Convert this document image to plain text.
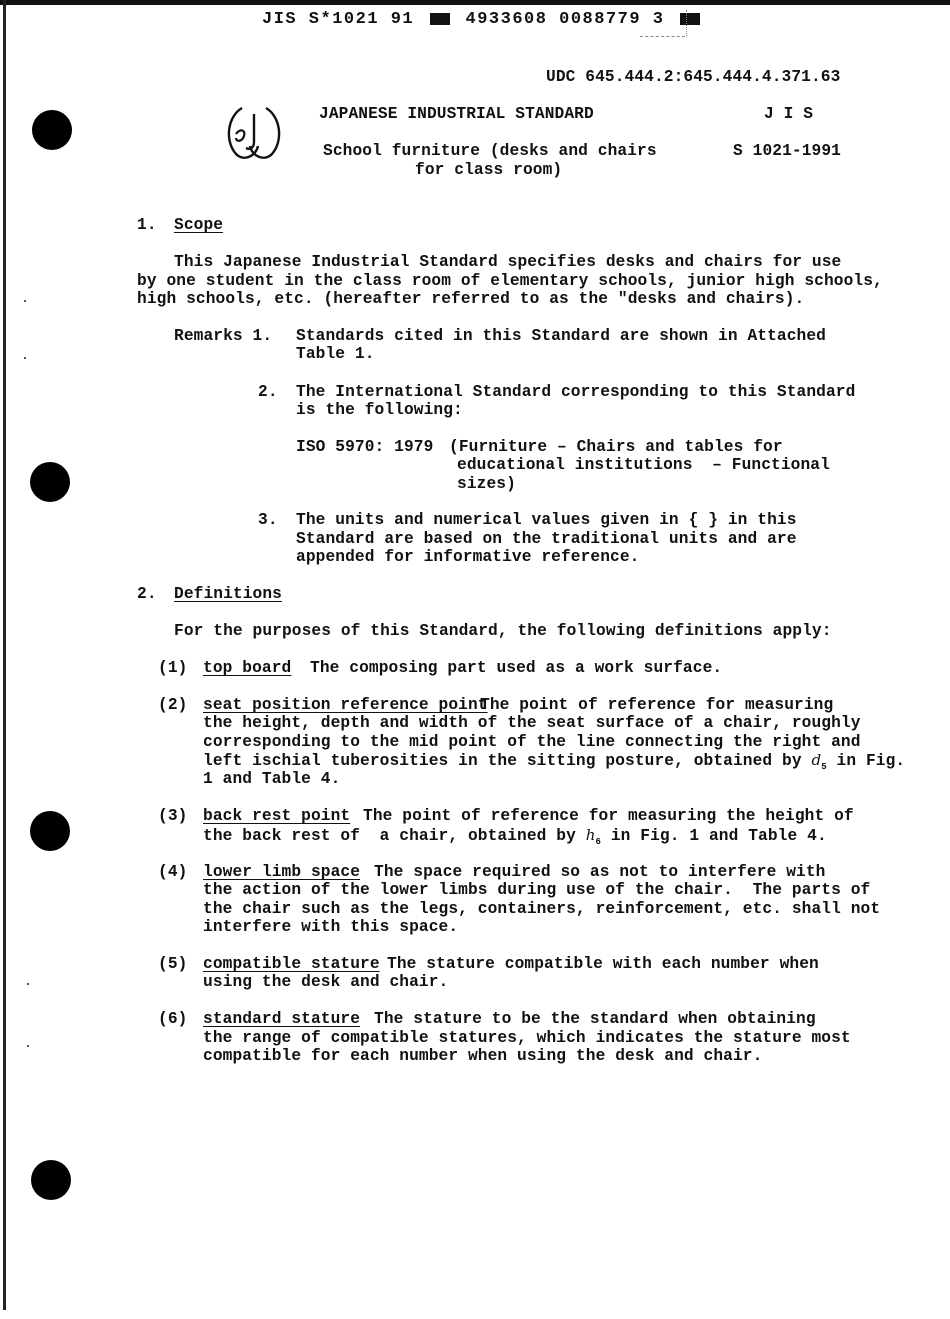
JIS S*1021 91	4933608 0088779 3
UDC 645.444.2:645.444.4.371.63
JAPANESE INDUSTRIAL STANDARD	J I S
School furniture (desks and chairs
for class room)
S 1021-1991
1. Scope
This Japanese Industrial Standard specifies desks and chairs for use
by one student in the class room of elementary schools, junior high schools,
high schools, etc. (hereafter referred to as the "desks and chairs).
Remarks 1. Standards cited in this Standard are shown in Attached
Table 1.
2. The International Standard corresponding to this Standard
is the following:
ISO 5970: 1979 (Furniture – Chairs and tables for
educational institutions  – Functional
sizes)
3. The units and numerical values given in { } in this
Standard are based on the traditional units and are
appended for informative reference.
2. Definitions
For the purposes of this Standard, the following definitions apply:
(1) top board The composing part used as a work surface.
(2) seat position reference point
The point of reference for measuring
the height, depth and width of the seat surface of a chair, roughly
corresponding to the mid point of the line connecting the right and
left ischial tuberosities in the sitting posture, obtained by $d_5$ in Fig.
1 and Table 4.
(3) back rest point The point of reference for measuring the height of
the back rest of  a chair, obtained by $h_6$ in Fig. 1 and Table 4.
(4) lower limb space The space required so as not to interfere with
the action of the lower limbs during use of the chair.  The parts of
the chair such as the legs, containers, reinforcement, etc. shall not
interfere with this space.
(5) compatible stature The stature compatible with each number when
using the desk and chair.
(6) standard stature The stature to be the standard when obtaining
the range of compatible statures, which indicates the stature most
compatible for each number when using the desk and chair.
